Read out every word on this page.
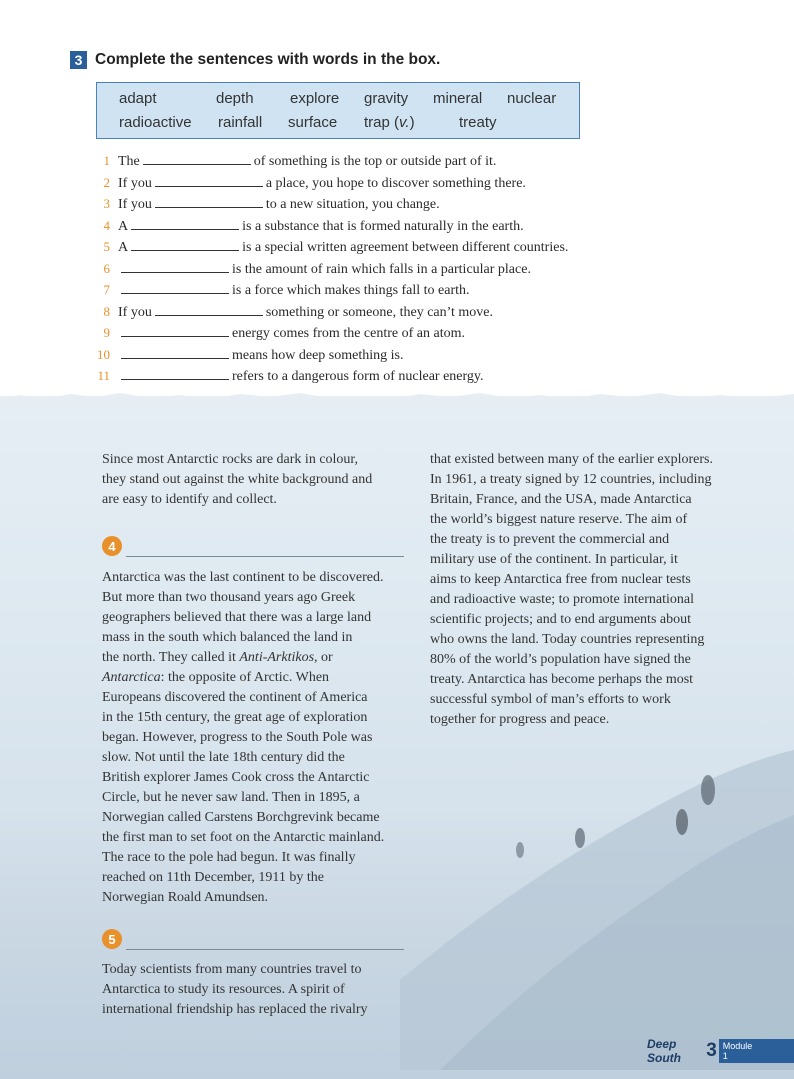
3 Complete the sentences with words in the box.
adapt	depth explore gravity mineral nuclear
radioactive rainfall surface trap (v.)	treaty
1 The	of something is the top or outside part of it.
2 If you	a place, you hope to discover something there.
3 If you	to a new situation, you change.
4 A	is a substance that is formed naturally in the earth.
5 A	is a special written agreement between different countries.
6	is the amount of rain which falls in a particular place.
7	is a force which makes things fall to earth.
8 If you	something or someone, they can’t move.
9	energy comes from the centre of an atom.
10	means how deep something is.
11	refers to a dangerous form of nuclear energy.

Since most Antarctic rocks are dark in colour,

they stand out against the white background and

are easy to identify and collect.

4

Antarctica was the last continent to be discovered.

But more than two thousand years ago Greek

geographers believed that there was a large land

mass in the south which balanced the land in

the north. They called it Anti-Arktikos, or

Antarctica: the opposite of Arctic. When

Europeans discovered the continent of America

in the 15th century, the great age of exploration

began. However, progress to the South Pole was

slow. Not until the late 18th century did the

British explorer James Cook cross the Antarctic

Circle, but he never saw land. Then in 1895, a

Norwegian called Carstens Borchgrevink became

the first man to set foot on the Antarctic mainland.

The race to the pole had begun. It was finally

reached on 11th December, 1911 by the

Norwegian Roald Amundsen.

5

Today scientists from many countries travel to

Antarctica to study its resources. A spirit of

international friendship has replaced the rivalry

that existed between many of the earlier explorers.

In 1961, a treaty signed by 12 countries, including

Britain, France, and the USA, made Antarctica

the world’s biggest nature reserve. The aim of

the treaty is to prevent the commercial and

military use of the continent. In particular, it

aims to keep Antarctica free from nuclear tests

and radioactive waste; to promote international

scientific projects; and to end arguments about

who owns the land. Today countries representing

80% of the world’s population have signed the

treaty. Antarctica has become perhaps the most

successful symbol of man’s efforts to work

together for progress and peace.

Deep South	3 Module 1
